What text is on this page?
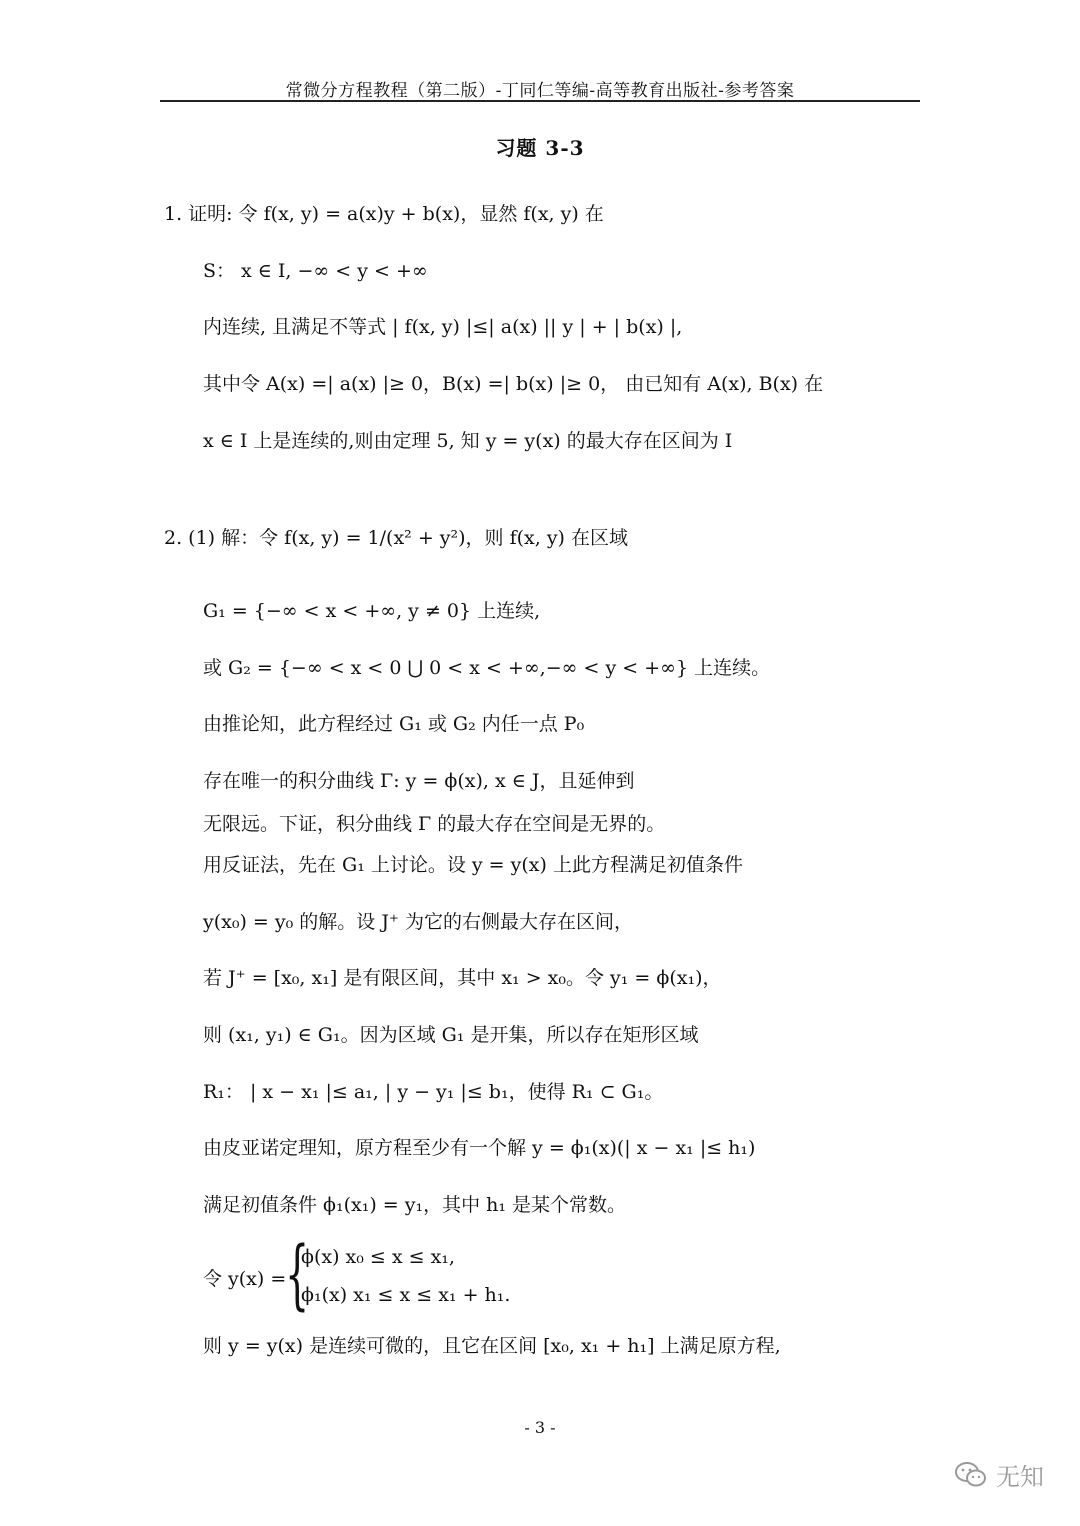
常微分方程教程（第二版）-丁同仁等编-高等教育出版社-参考答案
习题 3-3
1. 证明: 令 f(x, y) = a(x)y + b(x)，显然 f(x, y) 在
S： x ∈ I, −∞ < y < +∞
内连续, 且满足不等式 | f(x, y) |≤| a(x) || y | + | b(x) |,
其中令 A(x) =| a(x) |≥ 0，B(x) =| b(x) |≥ 0， 由已知有 A(x), B(x) 在
x ∈ I 上是连续的,则由定理 5, 知 y = y(x) 的最大存在区间为 I
2. (1) 解：令 f(x, y) = 1/(x² + y²)，则 f(x, y) 在区域
G₁ = {−∞ < x < +∞, y ≠ 0} 上连续,
或 G₂ = {−∞ < x < 0 ⋃ 0 < x < +∞,−∞ < y < +∞} 上连续。
由推论知，此方程经过 G₁ 或 G₂ 内任一点 P₀
存在唯一的积分曲线 Γ: y = ϕ(x), x ∈ J，且延伸到
无限远。下证，积分曲线 Γ 的最大存在空间是无界的。
用反证法，先在 G₁ 上讨论。设 y = y(x) 上此方程满足初值条件
y(x₀) = y₀ 的解。设 J⁺ 为它的右侧最大存在区间，
若 J⁺ = [x₀, x₁] 是有限区间，其中 x₁ > x₀。令 y₁ = ϕ(x₁)，
则 (x₁, y₁) ∈ G₁。因为区域 G₁ 是开集，所以存在矩形区域
R₁： | x − x₁ |≤ a₁, | y − y₁ |≤ b₁，使得 R₁ ⊂ G₁。
由皮亚诺定理知，原方程至少有一个解 y = ϕ₁(x)(| x − x₁ |≤ h₁)
满足初值条件 ϕ₁(x₁) = y₁，其中 h₁ 是某个常数。
令 y(x) =
{
ϕ(x) x₀ ≤ x ≤ x₁,
ϕ₁(x) x₁ ≤ x ≤ x₁ + h₁.
则 y = y(x) 是连续可微的，且它在区间 [x₀, x₁ + h₁] 上满足原方程,
- 3 -
无知
